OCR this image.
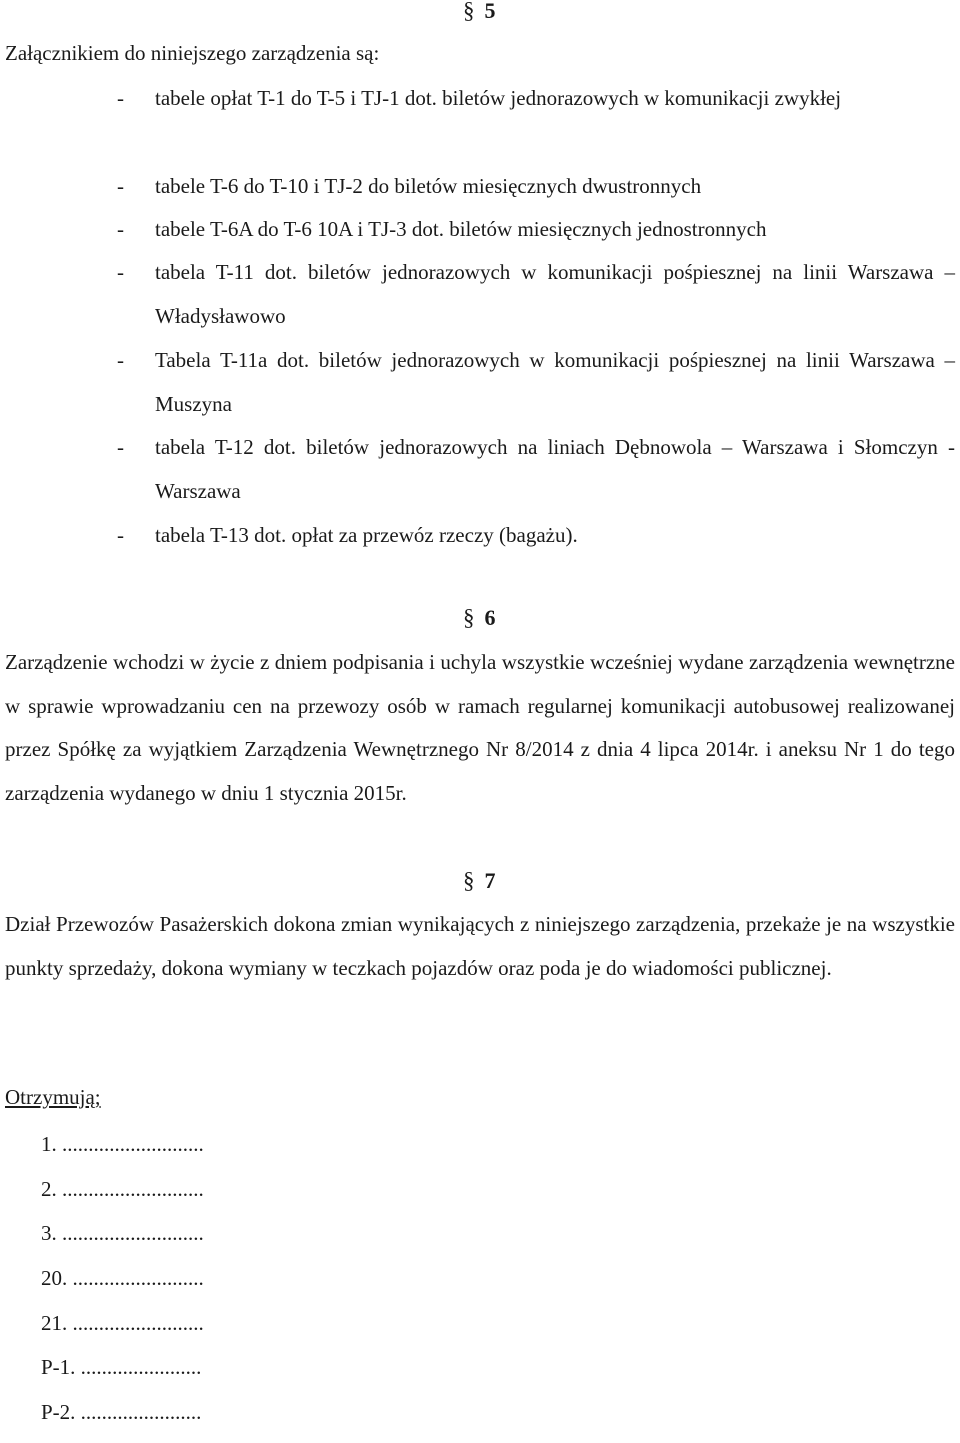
§ 5
Załącznikiem do niniejszego zarządzenia są:
- tabele opłat T-1 do T-5 i TJ-1 dot. biletów jednorazowych w komunikacji zwykłej
- tabele T-6 do T-10 i TJ-2 do biletów miesięcznych dwustronnych
- tabele T-6A do T-6 10A i TJ-3 dot. biletów miesięcznych jednostronnych
- tabela T-11 dot. biletów jednorazowych w komunikacji pośpiesznej na linii Warszawa – Władysławowo
- Tabela T-11a dot. biletów jednorazowych w komunikacji pośpiesznej na linii Warszawa – Muszyna
- tabela T-12 dot. biletów jednorazowych na liniach Dębnowola – Warszawa i Słomczyn - Warszawa
- tabela T-13 dot. opłat za przewóz rzeczy (bagażu).
§ 6
Zarządzenie wchodzi w życie z dniem podpisania i uchyla wszystkie wcześniej wydane zarządzenia wewnętrzne w sprawie wprowadzaniu cen na przewozy osób w ramach regularnej komunikacji autobusowej realizowanej przez Spółkę za wyjątkiem Zarządzenia Wewnętrznego Nr 8/2014 z dnia 4 lipca 2014r. i aneksu Nr 1 do tego zarządzenia wydanego w dniu 1 stycznia 2015r.
§ 7
Dział Przewozów Pasażerskich dokona zmian wynikających z niniejszego zarządzenia, przekaże je na wszystkie punkty sprzedaży, dokona wymiany w teczkach pojazdów oraz poda je do wiadomości publicznej.
Otrzymują;
1. ...........................
2. ...........................
3. ...........................
20. .........................
21. .........................
P-1. .......................
P-2. .......................
